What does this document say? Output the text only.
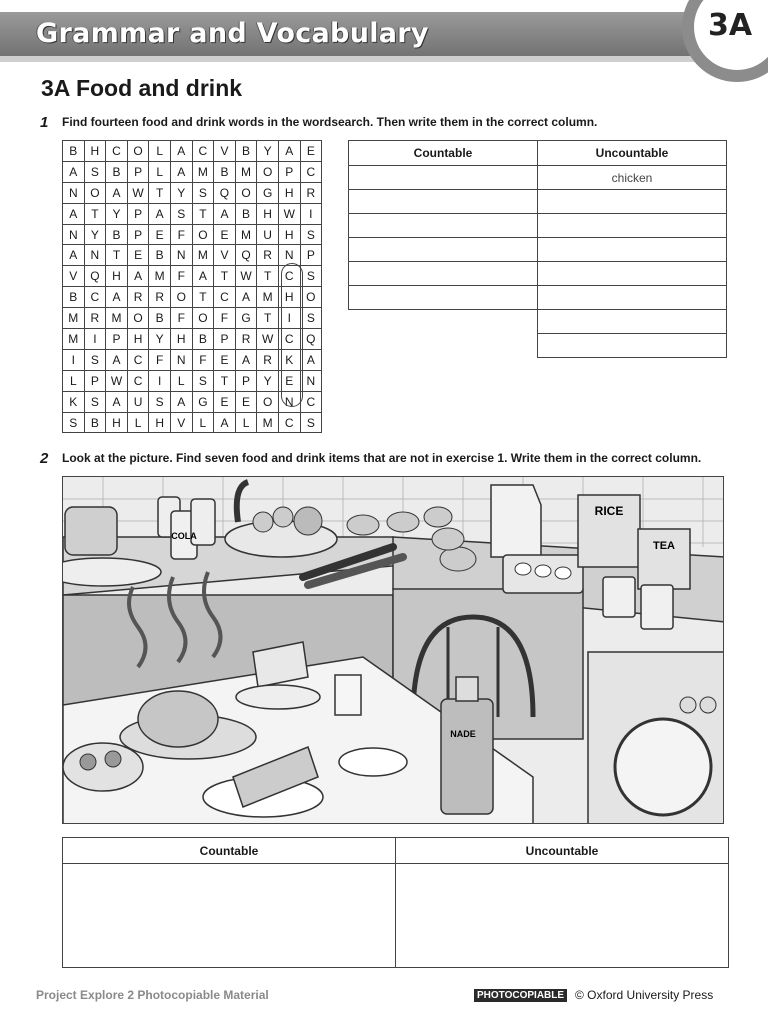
Grammar and Vocabulary	3A
3A Food and drink
1 Find fourteen food and drink words in the wordsearch. Then write them in the correct column.
B	H	C	O	L	A	C	V	B	Y	A	E
A	S	B	P	L	A	M	B	M	O	P	C
N	O	A	W	T	Y	S	Q	O	G	H	R
A	T	Y	P	A	S	T	A	B	H	W	I
N	Y	B	P	E	F	O	E	M	U	H	S
A	N	T	E	B	N	M	V	Q	R	N	P
V	Q	H	A	M	F	A	T	W	T	C	S
B	C	A	R	R	O	T	C	A	M	H	O
M	R	M	O	B	F	O	F	G	T	I	S
M	I	P	H	Y	H	B	P	R	W	C	Q
I	S	A	C	F	N	F	E	A	R	K	A
L	P	W	C	I	L	S	T	P	Y	E	N
K	S	A	U	S	A	G	E	E	O	N	C
S	B	H	L	H	V	L	A	L	M	C	S
Countable	Uncountable
	chicken

2 Look at the picture. Find seven food and drink items that are not in exercise 1. Write them in the correct column.
COLA
RICE
TEA
NADE
Countable	Uncountable

Project Explore 2 Photocopiable Material	PHOTOCOPIABLE © Oxford University Press
